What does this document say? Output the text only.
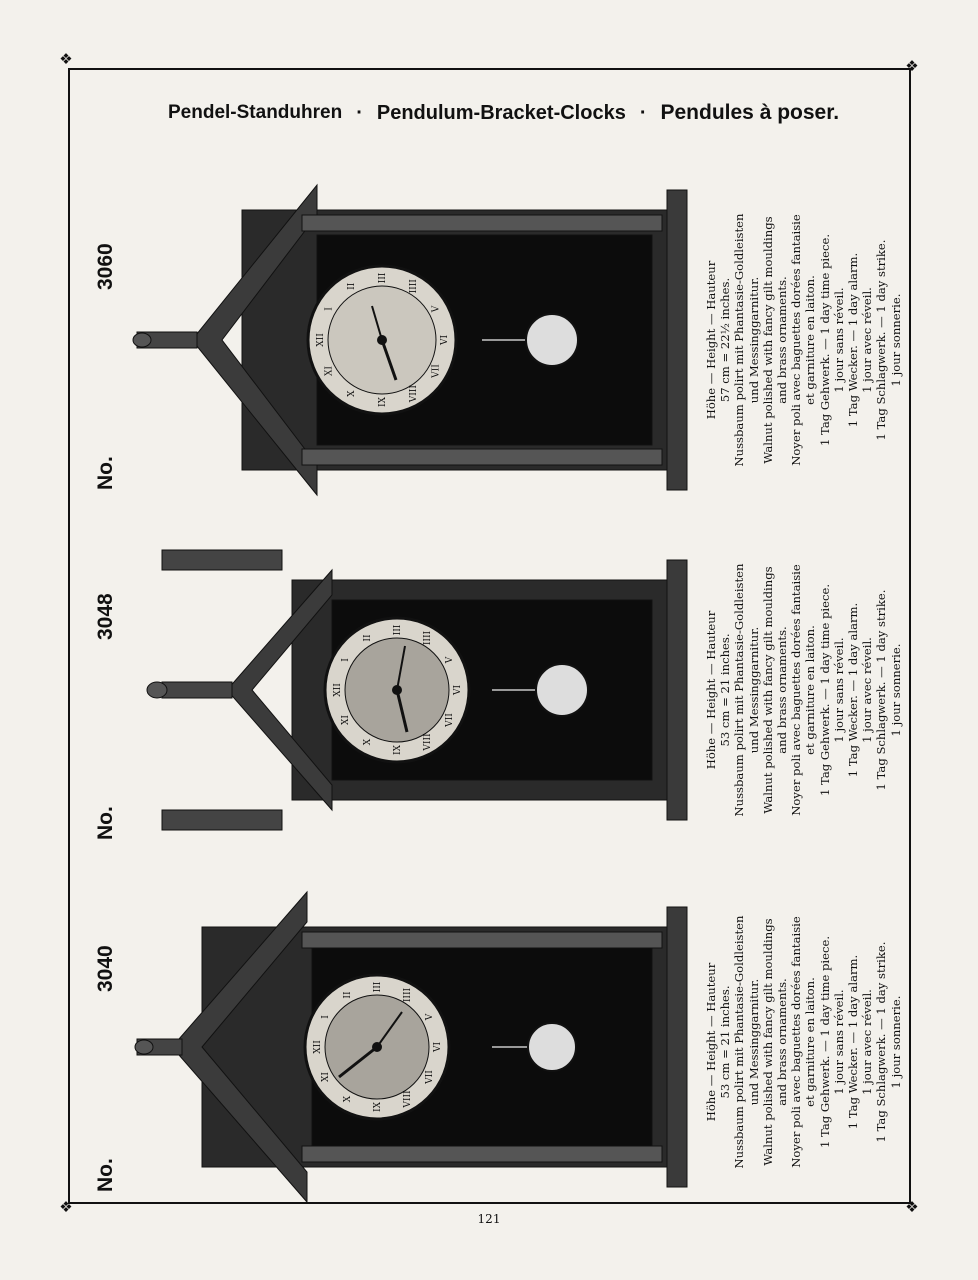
❖	❖
❖	❖
Pendel-Standuhren · Pendulum-Bracket-Clocks · Pendules à poser.
No.
3040
XI
X
IX VIII
VII
VI
V
IIII
III
II
I
XII	Höhe — Height — Hauteur 53 cm = 21 inches. Nussbaum polirt mit Phantasie-Goldleisten und Messinggarnitur. Walnut polished with fancy gilt mouldings and brass ornaments. Noyer poli avec baguettes dorées fantaisie et garniture en laiton. 1 Tag Gehwerk. — 1 day time piece. 1 jour sans réveil. 1 Tag Wecker. — 1 day alarm. 1 jour avec réveil. 1 Tag Schlagwerk. — 1 day strike. 1 jour sonnerie.
No.
3048
XI
X
IX VIII
VII
VI
V
IIII
III
II
I
XII	Höhe — Height — Hauteur 53 cm = 21 inches. Nussbaum polirt mit Phantasie-Goldleisten und Messinggarnitur. Walnut polished with fancy gilt mouldings and brass ornaments. Noyer poli avec baguettes dorées fantaisie et garniture en laiton. 1 Tag Gehwerk. — 1 day time piece. 1 jour sans réveil. 1 Tag Wecker. — 1 day alarm. 1 jour avec réveil. 1 Tag Schlagwerk. — 1 day strike. 1 jour sonnerie.
No.
3060
XI
X
IX VIII
VII
VI
V
IIII
III
II
I
XII	Höhe — Height — Hauteur 57 cm = 22½ inches. Nussbaum polirt mit Phantasie-Goldleisten und Messinggarnitur. Walnut polished with fancy gilt mouldings and brass ornaments. Noyer poli avec baguettes dorées fantaisie et garniture en laiton. 1 Tag Gehwerk. — 1 day time piece. 1 jour sans réveil. 1 Tag Wecker. — 1 day alarm. 1 jour avec réveil. 1 Tag Schlagwerk. — 1 day strike. 1 jour sonnerie.
121
